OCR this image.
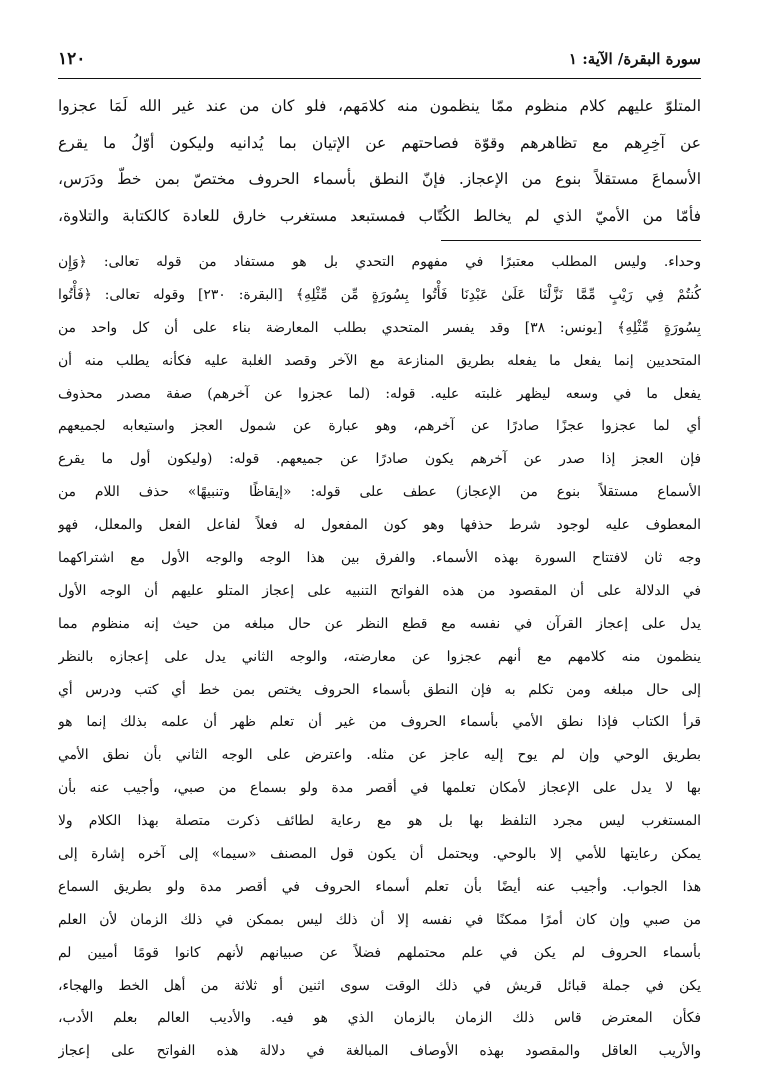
سورة البقرة/ الآية: ١
١٢٠
المتلوّ عليهم كلام منظوم ممّا ينظمون منه كلامَهم، فلو كان من عند غير الله لَمَا عجزوا
عن آخِرِهم مع تظاهرهم وقوّة فصاحتهم عن الإتيان بما يُدانيه وليكون أوّلُ ما يقرع
الأسماعَ مستقلاً بنوع من الإعجاز. فإنّ النطق بأسماء الحروف مختصّ بمن خطّ ودَرَس،
فأمّا من الأميّ الذي لم يخالط الكُتّاب فمستبعد مستغرب خارق للعادة كالكتابة والتلاوة،
وحداء. وليس المطلب معتبرًا في مفهوم التحدي بل هو مستفاد من قوله تعالى: ﴿وَإِن
كُنتُمْ فِي رَيْبٍ مِّمَّا نَزَّلْنَا عَلَىٰ عَبْدِنَا فَأْتُوا بِسُورَةٍ مِّن مِّثْلِهِ﴾ [البقرة: ٢٣٠] وقوله تعالى: ﴿فَأْتُوا
بِسُورَةٍ مِّثْلِهِ﴾ [يونس: ٣٨] وقد يفسر المتحدي بطلب المعارضة بناء على أن كل واحد من
المتحديين إنما يفعل ما يفعله بطريق المنازعة مع الآخر وقصد الغلبة عليه فكأنه يطلب منه أن
يفعل ما في وسعه ليظهر غلبته عليه. قوله: (لما عجزوا عن آخرهم) صفة مصدر محذوف
أي لما عجزوا عجزًا صادرًا عن آخرهم، وهو عبارة عن شمول العجز واستيعابه لجميعهم
فإن العجز إذا صدر عن آخرهم يكون صادرًا عن جميعهم. قوله: (وليكون أول ما يقرع
الأسماع مستقلاً بنوع من الإعجاز) عطف على قوله: «إيقاظًا وتنبيهًا» حذف اللام من
المعطوف عليه لوجود شرط حذفها وهو كون المفعول له فعلاً لفاعل الفعل والمعلل، فهو
وجه ثان لافتتاح السورة بهذه الأسماء. والفرق بين هذا الوجه والوجه الأول مع اشتراكهما
في الدلالة على أن المقصود من هذه الفواتح التنبيه على إعجاز المتلو عليهم أن الوجه الأول
يدل على إعجاز القرآن في نفسه مع قطع النظر عن حال مبلغه من حيث إنه منظوم مما
ينظمون منه كلامهم مع أنهم عجزوا عن معارضته، والوجه الثاني يدل على إعجازه بالنظر
إلى حال مبلغه ومن تكلم به فإن النطق بأسماء الحروف يختص بمن خط أي كتب ودرس أي
قرأ الكتاب فإذا نطق الأمي بأسماء الحروف من غير أن تعلم ظهر أن علمه بذلك إنما هو
بطريق الوحي وإن لم يوح إليه عاجز عن مثله. واعترض على الوجه الثاني بأن نطق الأمي
بها لا يدل على الإعجاز لأمكان تعلمها في أقصر مدة ولو بسماع من صبي، وأجيب عنه بأن
المستغرب ليس مجرد التلفظ بها بل هو مع رعاية لطائف ذكرت متصلة بهذا الكلام ولا
يمكن رعايتها للأمي إلا بالوحي. ويحتمل أن يكون قول المصنف «سيما» إلى آخره إشارة إلى
هذا الجواب. وأجيب عنه أيضًا بأن تعلم أسماء الحروف في أقصر مدة ولو بطريق السماع
من صبي وإن كان أمرًا ممكنًا في نفسه إلا أن ذلك ليس بممكن في ذلك الزمان لأن العلم
بأسماء الحروف لم يكن في علم محتملهم فضلاً عن صبيانهم لأنهم كانوا قومًا أميين لم
يكن في جملة قبائل قريش في ذلك الوقت سوى اثنين أو ثلاثة من أهل الخط والهجاء،
فكأن المعترض قاس ذلك الزمان بالزمان الذي هو فيه. والأديب العالم بعلم الأدب،
والأريب العاقل والمقصود بهذه الأوصاف المبالغة في دلالة هذه الفواتح على إعجاز
